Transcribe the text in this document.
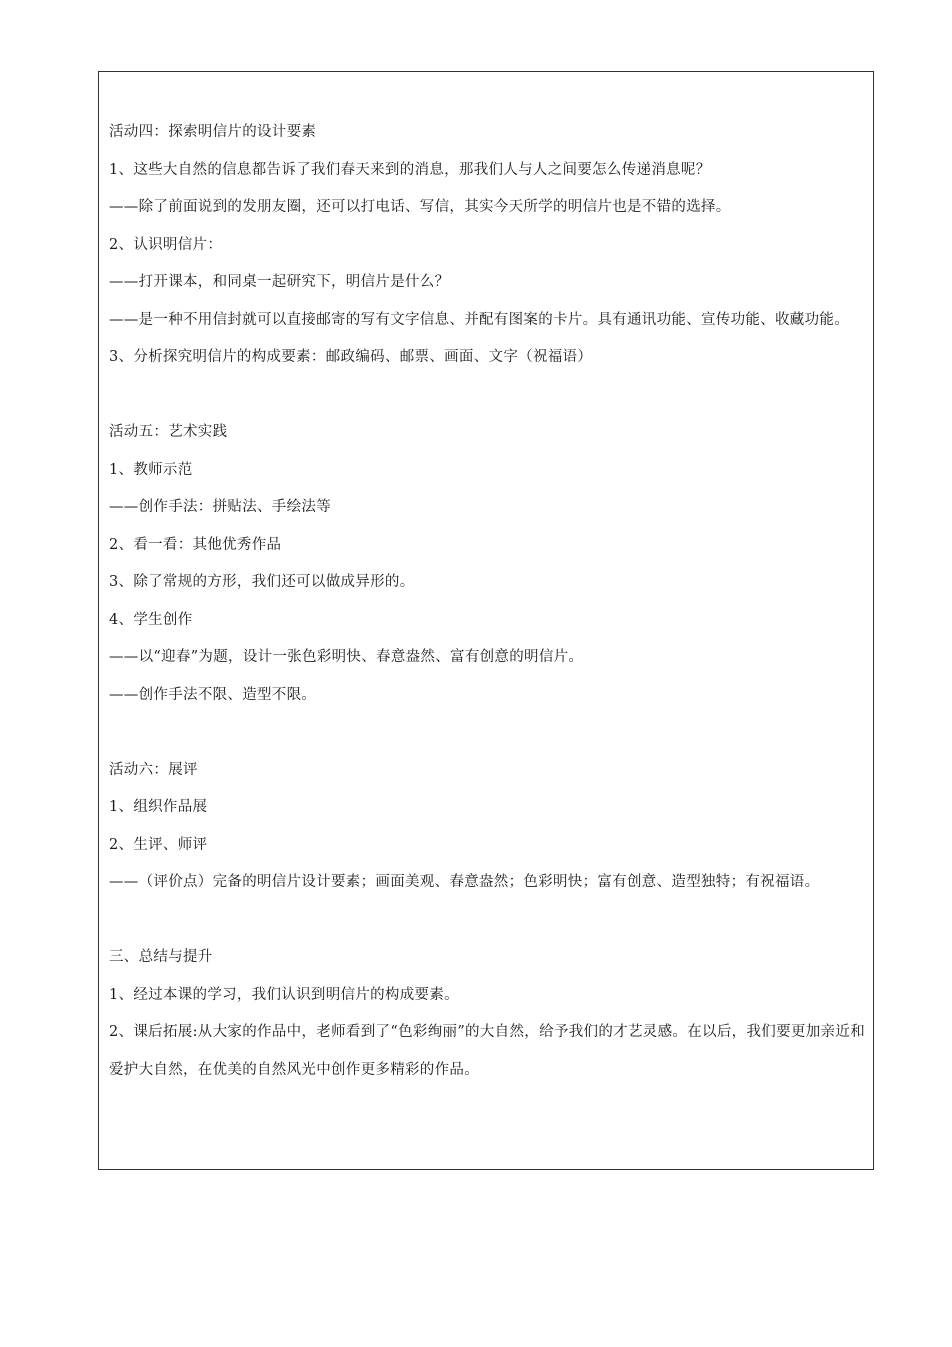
活动四：探索明信片的设计要素
1、这些大自然的信息都告诉了我们春天来到的消息，那我们人与人之间要怎么传递消息呢？
——除了前面说到的发朋友圈，还可以打电话、写信，其实今天所学的明信片也是不错的选择。
2、认识明信片：
——打开课本，和同桌一起研究下，明信片是什么？
——是一种不用信封就可以直接邮寄的写有文字信息、并配有图案的卡片。具有通讯功能、宣传功能、收藏功能。
3、分析探究明信片的构成要素：邮政编码、邮票、画面、文字（祝福语）
活动五：艺术实践
1、教师示范
——创作手法：拼贴法、手绘法等
2、看一看：其他优秀作品
3、除了常规的方形，我们还可以做成异形的。
4、学生创作
——以“迎春”为题，设计一张色彩明快、春意盎然、富有创意的明信片。
——创作手法不限、造型不限。
活动六：展评
1、组织作品展
2、生评、师评
——（评价点）完备的明信片设计要素；画面美观、春意盎然；色彩明快；富有创意、造型独特；有祝福语。
三、总结与提升
1、经过本课的学习，我们认识到明信片的构成要素。
2、课后拓展:从大家的作品中，老师看到了“色彩绚丽”的大自然，给予我们的才艺灵感。在以后，我们要更加亲近和爱护大自然，在优美的自然风光中创作更多精彩的作品。
